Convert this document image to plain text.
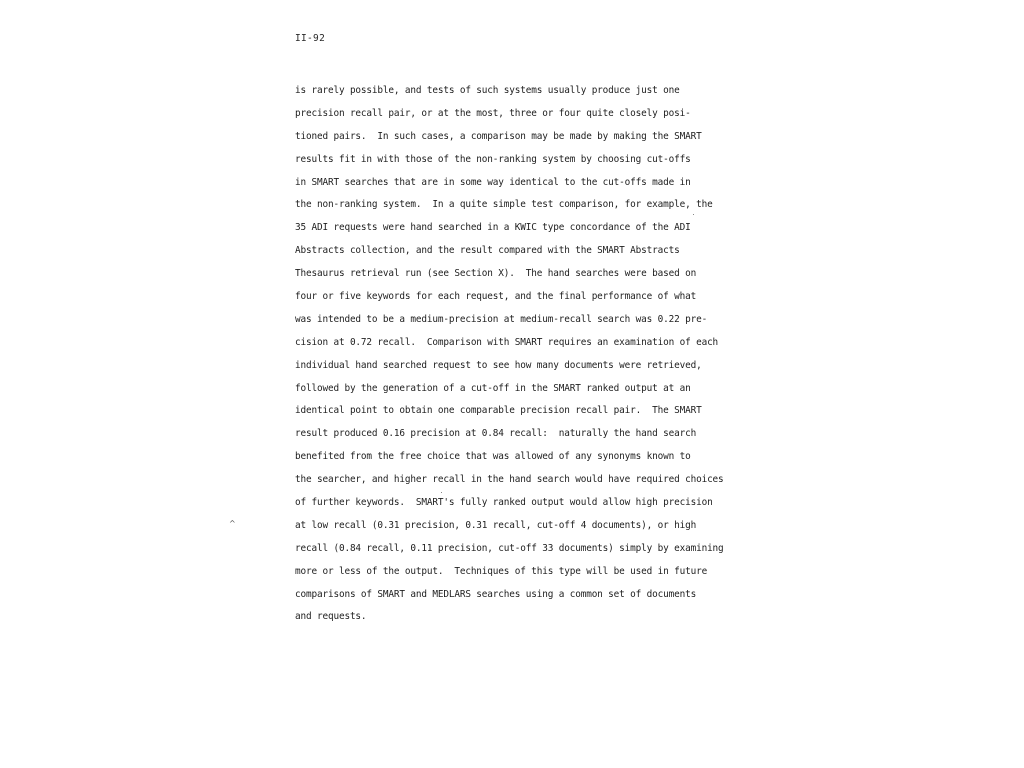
II-92
is rarely possible, and tests of such systems usually produce just one
precision recall pair, or at the most, three or four quite closely posi-
tioned pairs.  In such cases, a comparison may be made by making the SMART
results fit in with those of the non-ranking system by choosing cut-offs
in SMART searches that are in some way identical to the cut-offs made in
the non-ranking system.  In a quite simple test comparison, for example, the
35 ADI requests were hand searched in a KWIC type concordance of the ADI
Abstracts collection, and the result compared with the SMART Abstracts
Thesaurus retrieval run (see Section X).  The hand searches were based on
four or five keywords for each request, and the final performance of what
was intended to be a medium-precision at medium-recall search was 0.22 pre-
cision at 0.72 recall.  Comparison with SMART requires an examination of each
individual hand searched request to see how many documents were retrieved,
followed by the generation of a cut-off in the SMART ranked output at an
identical point to obtain one comparable precision recall pair.  The SMART
result produced 0.16 precision at 0.84 recall:  naturally the hand search
benefited from the free choice that was allowed of any synonyms known to
the searcher, and higher recall in the hand search would have required choices
of further keywords.  SMART's fully ranked output would allow high precision
at low recall (0.31 precision, 0.31 recall, cut-off 4 documents), or high
recall (0.84 recall, 0.11 precision, cut-off 33 documents) simply by examining
more or less of the output.  Techniques of this type will be used in future
comparisons of SMART and MEDLARS searches using a common set of documents
and requests.
^
